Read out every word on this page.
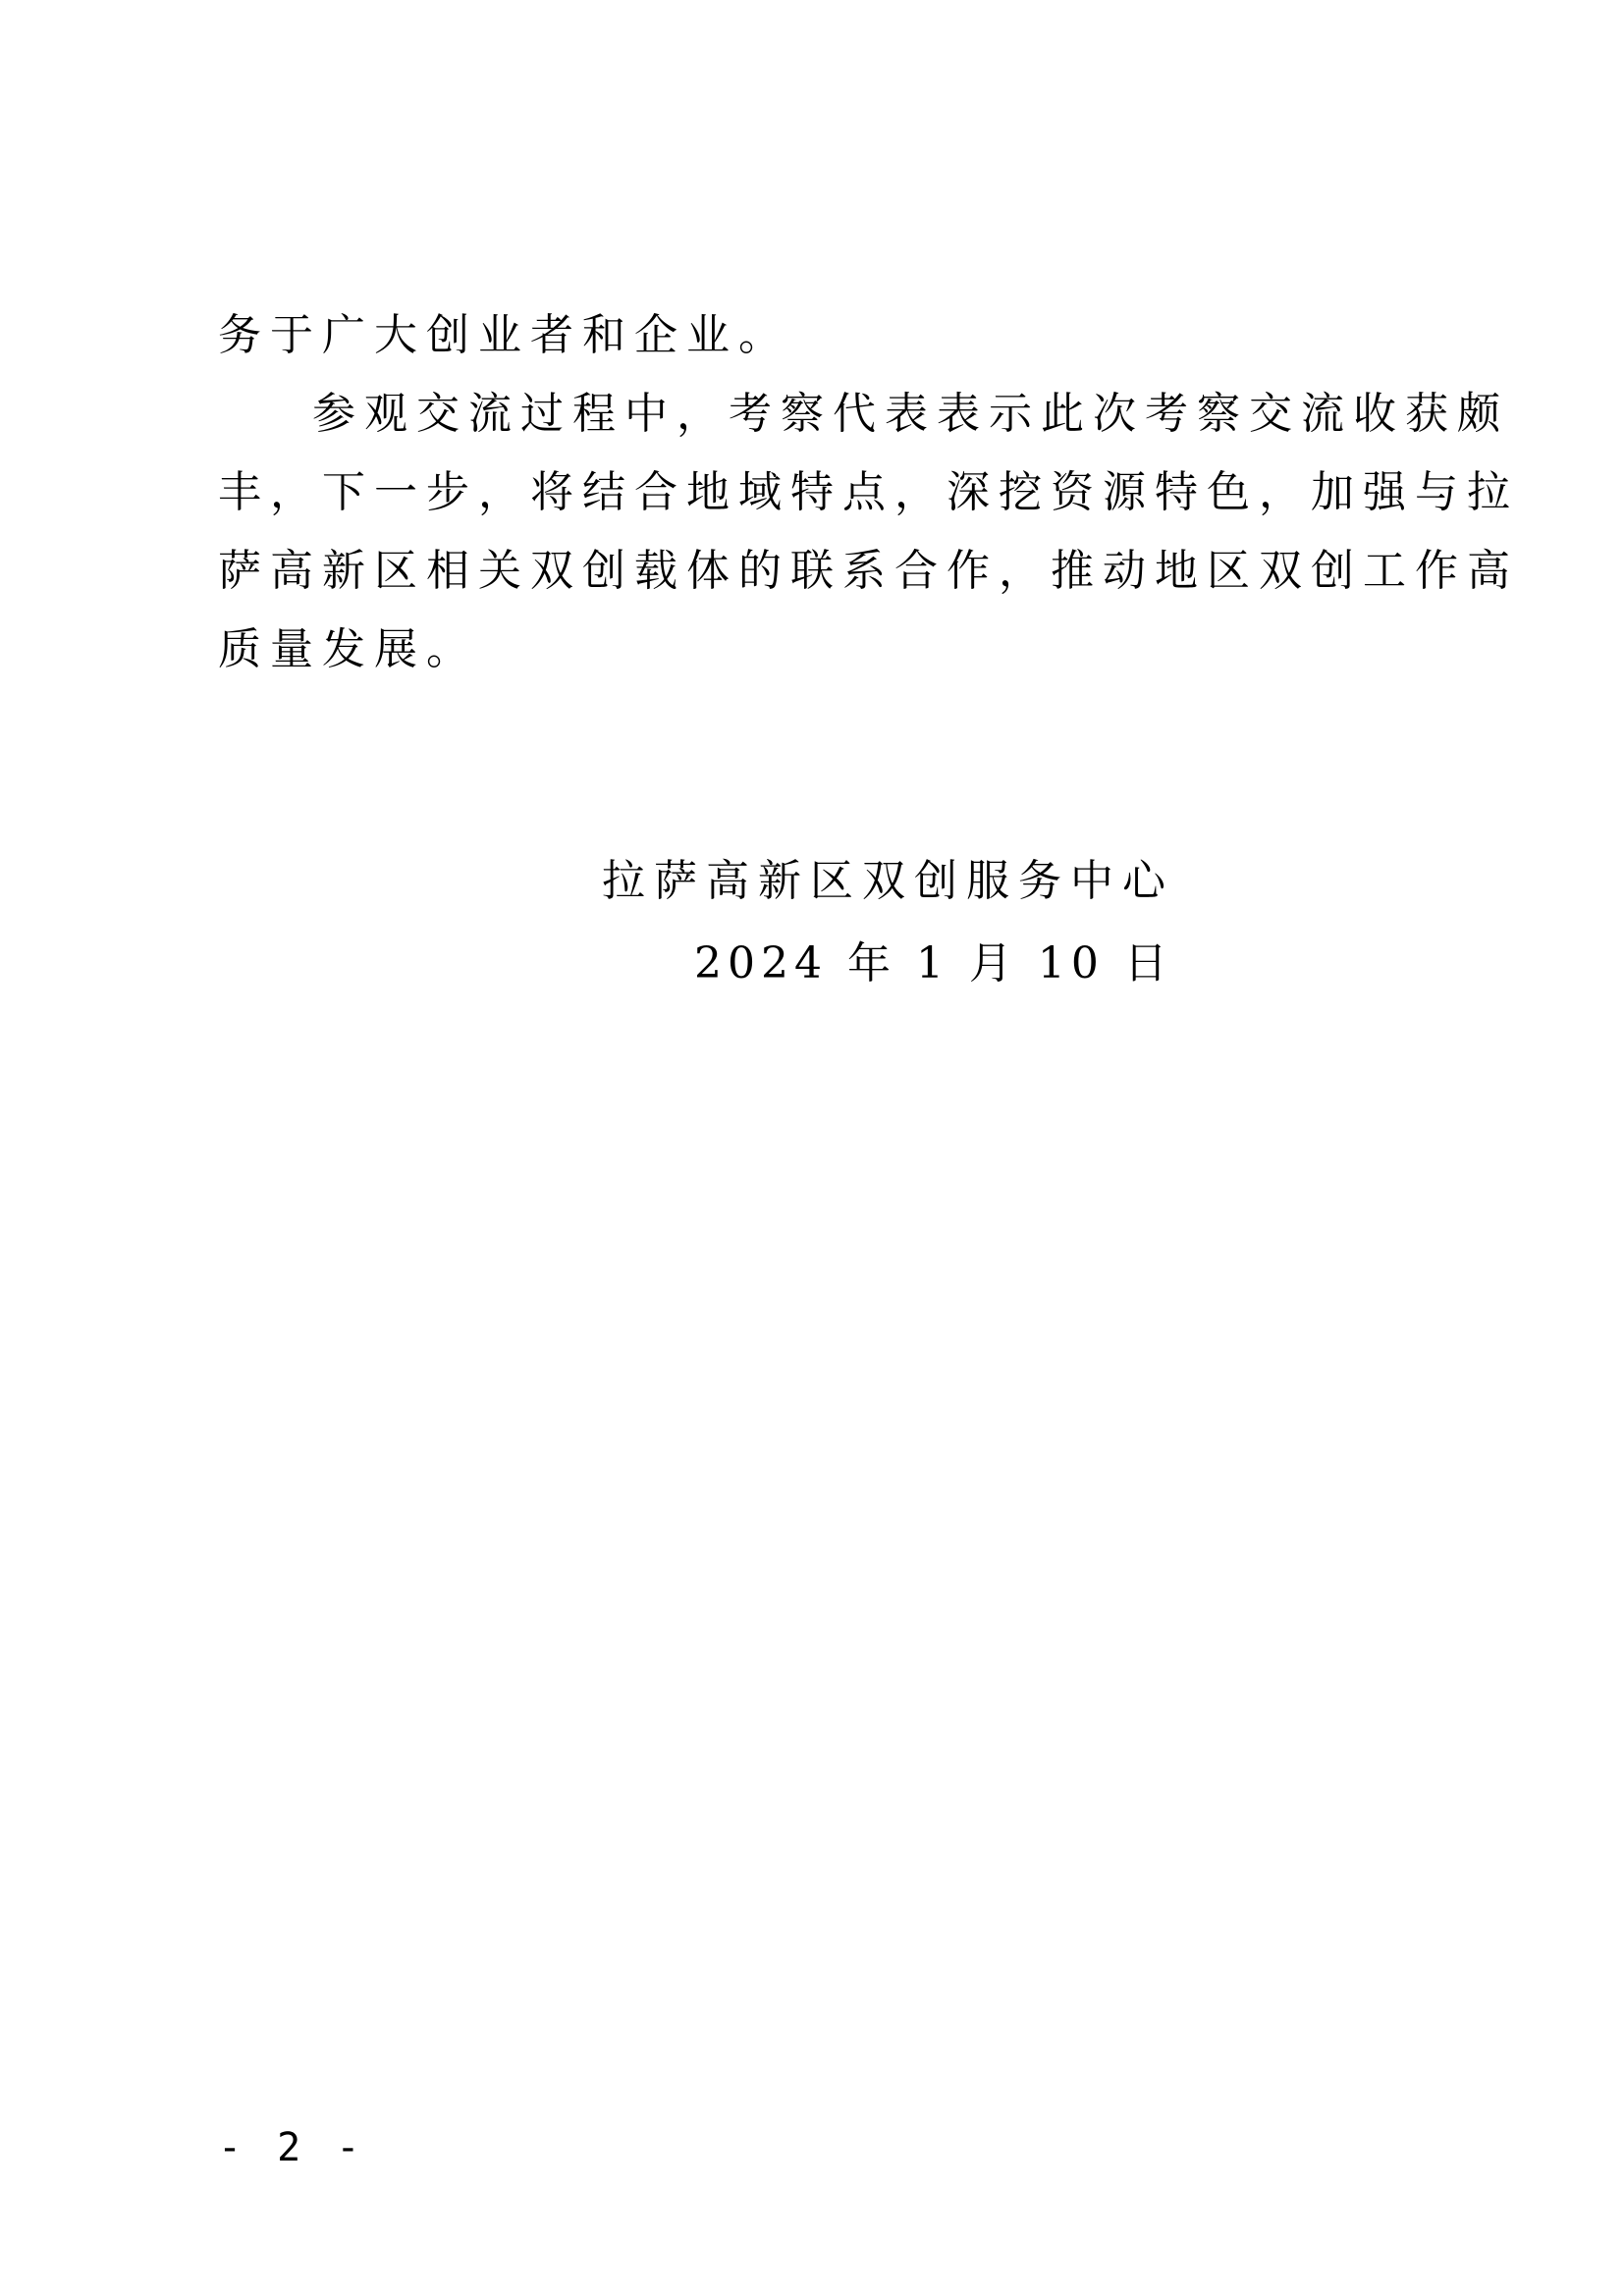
务于广大创业者和企业。
参观交流过程中，考察代表表示此次考察交流收获颇
丰，下一步，将结合地域特点，深挖资源特色，加强与拉
萨高新区相关双创载体的联系合作，推动地区双创工作高
质量发展。
拉萨高新区双创服务中心
2024 年 1 月 10 日
- 2 -
